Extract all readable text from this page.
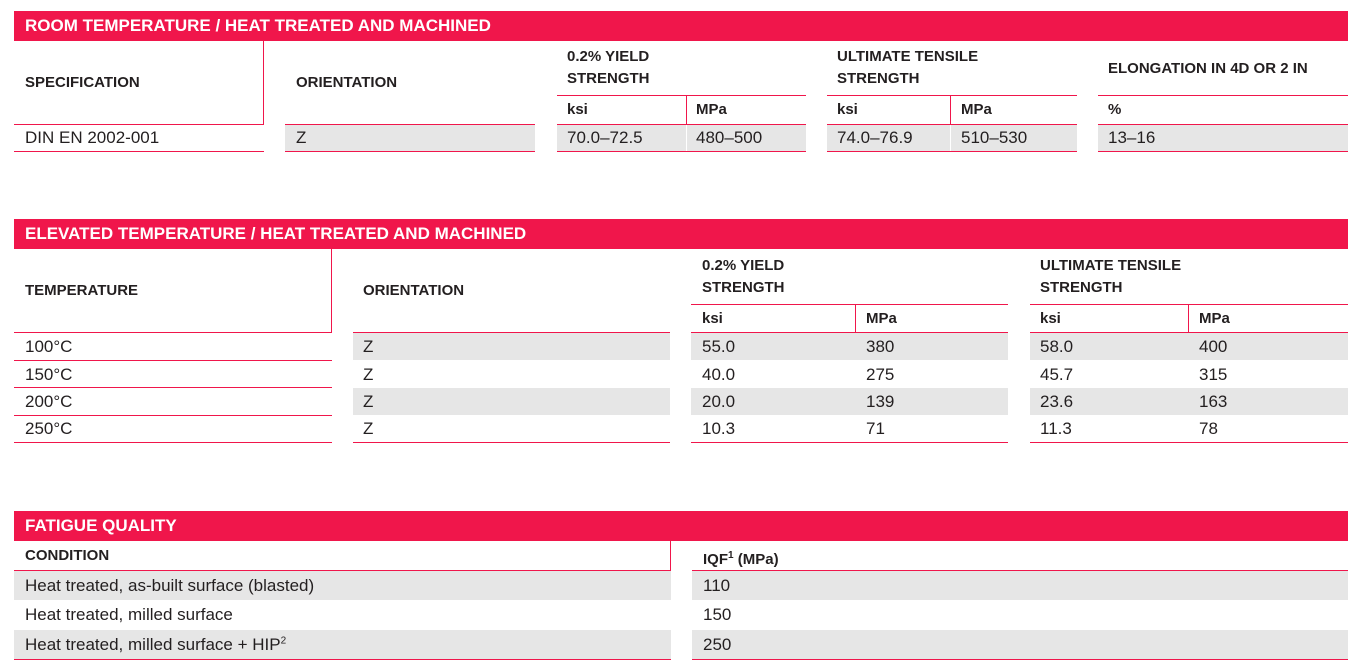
ROOM TEMPERATURE / HEAT TREATED AND MACHINED
SPECIFICATION	ORIENTATION
0.2% YIELD
STRENGTH
ksi	MPa
ULTIMATE TENSILE
STRENGTH
ksi	MPa
ELONGATION IN 4D OR 2 IN
%
DIN EN 2002-001	Z	70.0–72.5	480–500	74.0–76.9	510–530	13–16
ELEVATED TEMPERATURE / HEAT TREATED AND MACHINED
TEMPERATURE	ORIENTATION
0.2% YIELD
STRENGTH
ksi	MPa
ULTIMATE TENSILE
STRENGTH
ksi	MPa
100°C	Z	55.0	380	58.0	400
150°C	Z	40.0	275	45.7	315
200°C	Z	20.0	139	23.6	163
250°C	Z	10.3	71	11.3	78
FATIGUE QUALITY
CONDITION	IQF$^1$ (MPa)
Heat treated, as-built surface (blasted)	110
Heat treated, milled surface	150
Heat treated, milled surface + $HIP^2$	250
